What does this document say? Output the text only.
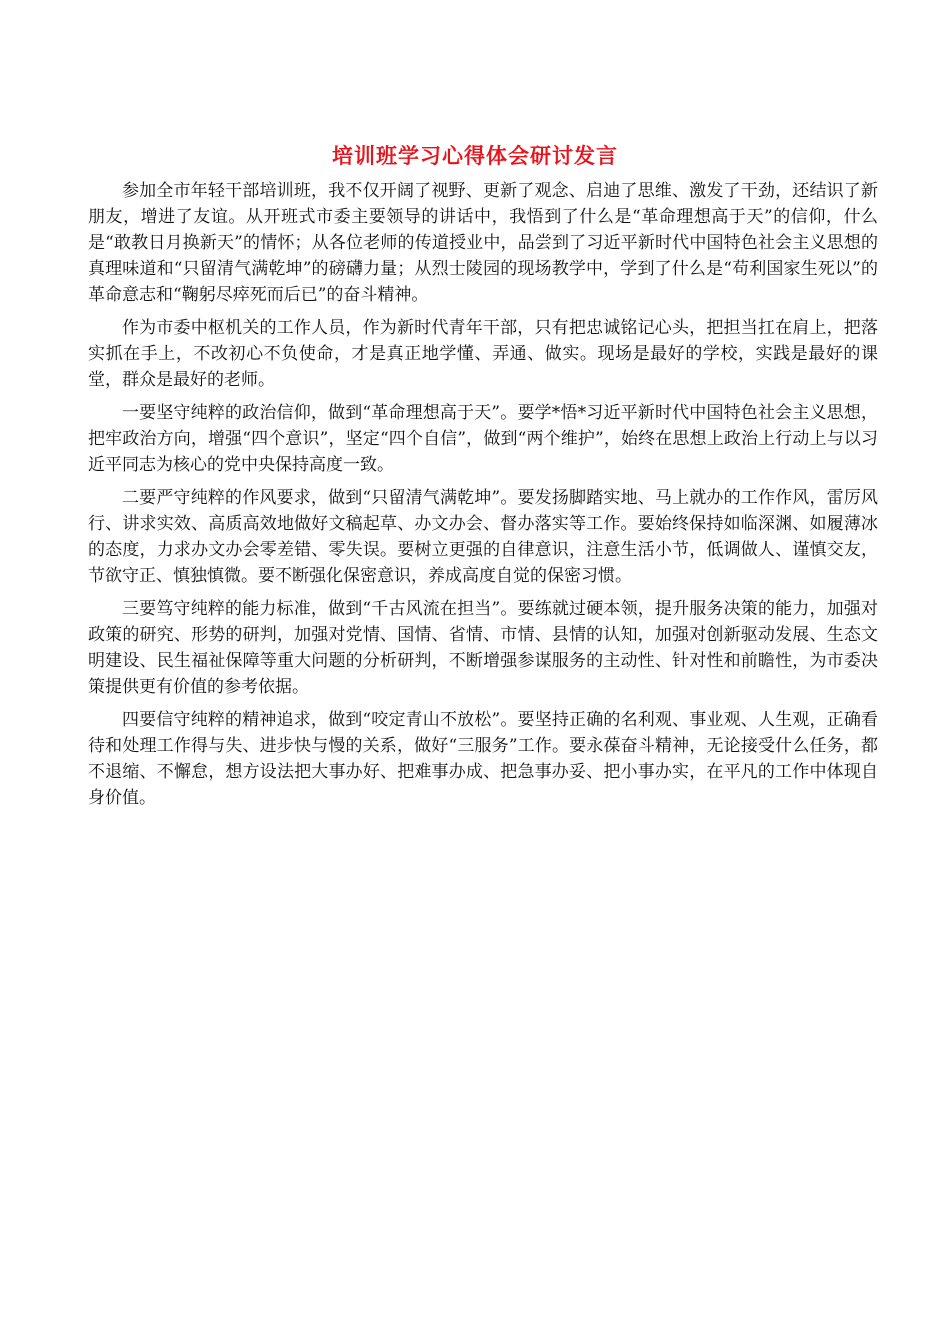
培训班学习心得体会研讨发言

参加全市年轻干部培训班，我不仅开阔了视野、更新了观念、启迪了思维、激发了干劲，还结识了新朋友，增进了友谊。从开班式市委主要领导的讲话中，我悟到了什么是“革命理想高于天”的信仰，什么是“敢教日月换新天”的情怀；从各位老师的传道授业中，品尝到了习近平新时代中国特色社会主义思想的真理味道和“只留清气满乾坤”的磅礴力量；从烈士陵园的现场教学中，学到了什么是“苟利国家生死以”的革命意志和“鞠躬尽瘁死而后已”的奋斗精神。

作为市委中枢机关的工作人员，作为新时代青年干部，只有把忠诚铭记心头，把担当扛在肩上，把落实抓在手上，不改初心不负使命，才是真正地学懂、弄通、做实。现场是最好的学校，实践是最好的课堂，群众是最好的老师。

一要坚守纯粹的政治信仰，做到“革命理想高于天”。要学*悟*习近平新时代中国特色社会主义思想，把牢政治方向，增强“四个意识”，坚定“四个自信”，做到“两个维护”，始终在思想上政治上行动上与以习近平同志为核心的党中央保持高度一致。

二要严守纯粹的作风要求，做到“只留清气满乾坤”。要发扬脚踏实地、马上就办的工作作风，雷厉风行、讲求实效、高质高效地做好文稿起草、办文办会、督办落实等工作。要始终保持如临深渊、如履薄冰的态度，力求办文办会零差错、零失误。要树立更强的自律意识，注意生活小节，低调做人、谨慎交友，节欲守正、慎独慎微。要不断强化保密意识，养成高度自觉的保密习惯。

三要笃守纯粹的能力标准，做到“千古风流在担当”。要练就过硬本领，提升服务决策的能力，加强对政策的研究、形势的研判，加强对党情、国情、省情、市情、县情的认知，加强对创新驱动发展、生态文明建设、民生福祉保障等重大问题的分析研判，不断增强参谋服务的主动性、针对性和前瞻性，为市委决策提供更有价值的参考依据。

四要信守纯粹的精神追求，做到“咬定青山不放松”。要坚持正确的名利观、事业观、人生观，正确看待和处理工作得与失、进步快与慢的关系，做好“三服务”工作。要永葆奋斗精神，无论接受什么任务，都不退缩、不懈怠，想方设法把大事办好、把难事办成、把急事办妥、把小事办实，在平凡的工作中体现自身价值。
